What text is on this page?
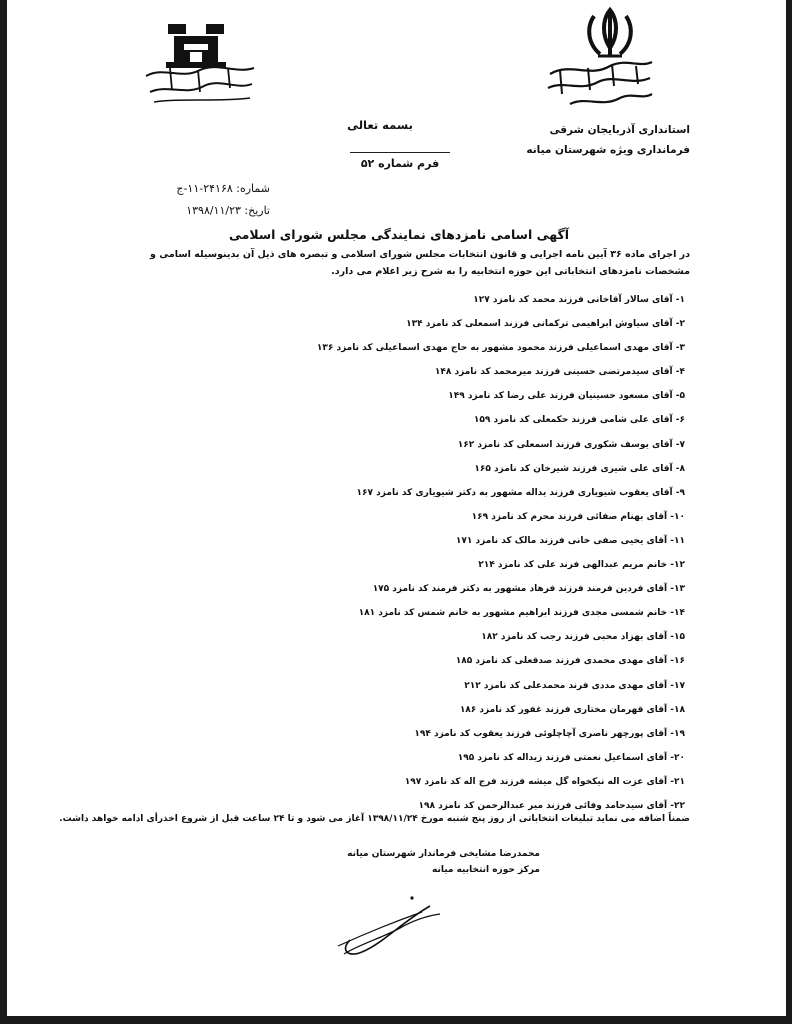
استانداری آذربایجان شرقی
فرمانداری ویژه شهرستان میانه
بسمه تعالی
فرم شماره ۵۲
شماره: ۲۴۱۶۸-۱۱-ج
تاریخ: ۱۳۹۸/۱۱/۲۳
آگهی اسامی نامزدهای نمایندگی مجلس شورای اسلامی
در اجرای ماده ۳۶ آیین نامه اجرایی و قانون انتخابات مجلس شورای اسلامی و تبصره های ذیل آن بدینوسیله اسامی و مشخصات نامزدهای انتخاباتی این حوزه انتخابیه را به شرح زیر اعلام می دارد.
۱- آقای سالار آقاخانی فرزند محمد کد نامزد ۱۲۷
۲- آقای سیاوش ابراهیمی ترکمانی فرزند اسمعلی کد نامزد ۱۳۴
۳- آقای مهدی اسماعیلی فرزند محمود مشهور به حاج مهدی اسماعیلی کد نامزد ۱۳۶
۴- آقای سیدمرتضی حسینی فرزند میرمحمد کد نامزد ۱۴۸
۵- آقای مسعود حسینیان فرزند علی رضا کد نامزد ۱۴۹
۶- آقای علی شامی فرزند حکمعلی کد نامزد ۱۵۹
۷- آقای یوسف شکوری فرزند اسمعلی کد نامزد ۱۶۲
۸- آقای علی شیری فرزند شیرخان کد نامزد ۱۶۵
۹- آقای یعقوب شیویاری فرزند یداله مشهور به دکتر شیویاری کد نامزد ۱۶۷
۱۰- آقای بهنام صفائی فرزند محرم کد نامزد ۱۶۹
۱۱- آقای یحیی صفی خانی فرزند مالک کد نامزد ۱۷۱
۱۲- خانم مریم عبدالهی فرند علی کد نامزد ۲۱۴
۱۳- آقای فردین فرمند فرزند فرهاد مشهور به دکتر فرمند کد نامزد ۱۷۵
۱۴- خانم شمسی مجدی فرزند ابراهیم مشهور به خانم شمس کد نامزد ۱۸۱
۱۵- آقای بهزاد محبی فرزند رجب کد نامزد ۱۸۲
۱۶- آقای مهدی محمدی فرزند صدقعلی کد نامزد ۱۸۵
۱۷- آقای مهدی مددی فرند محمدعلی کد نامزد ۲۱۲
۱۸- آقای قهرمان مختاری فرزند غفور کد نامزد ۱۸۶
۱۹- آقای پورچهر ناصری آچاچلوئی فرزند یعقوب کد نامزد ۱۹۴
۲۰- آقای اسماعیل نعمتی فرزند زیداله کد نامزد ۱۹۵
۲۱- آقای عزت اله نیکخواه گل میشه فرزند فرج اله کد نامزد ۱۹۷
۲۲- آقای سیدحامد وفائی فرزند میر عبدالرحمن کد نامزد ۱۹۸
ضمناً اضافه می نماید تبلیغات انتخاباتی از روز پنج شنبه مورخ ۱۳۹۸/۱۱/۲۴ آغاز می شود و تا ۲۴ ساعت قبل از شروع اخذرأی ادامه خواهد داشت.
محمدرضا مشایخی فرماندار شهرستان میانه
مرکز حوزه انتخابیه میانه
